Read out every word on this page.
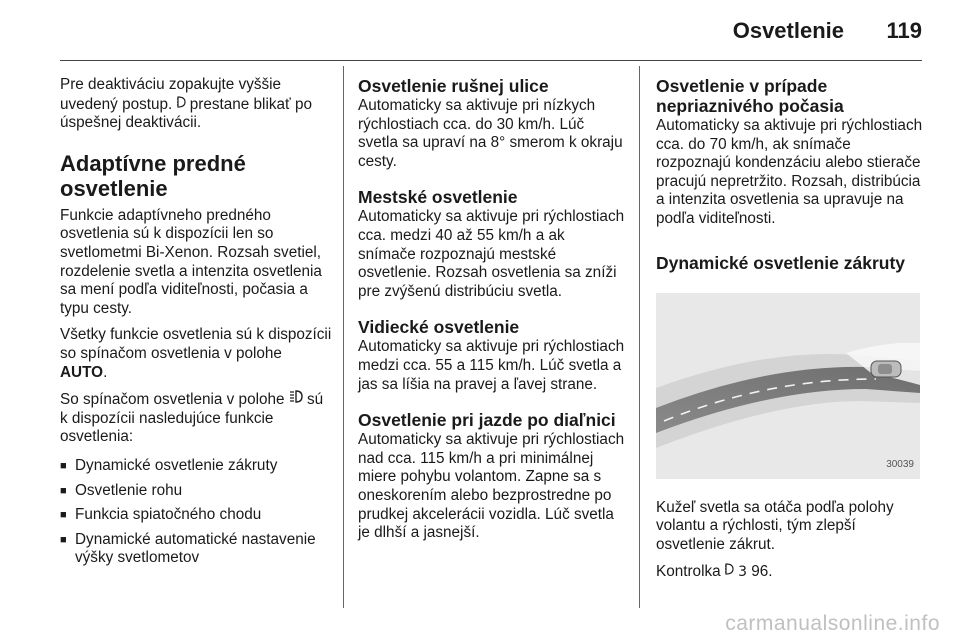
Osvetlenie 119

Pre deaktiváciu zopakujte vyššie uvedený postup.  prestane blikať po úspešnej deaktivácii.

Adaptívne predné osvetlenie

Funkcie adaptívneho predného osvetlenia sú k dispozícii len so svetlometmi Bi-Xenon. Rozsah svetiel, rozdelenie svetla a intenzita osvetlenia sa mení podľa viditeľnosti, počasia a typu cesty.

Všetky funkcie osvetlenia sú k dispozícii so spínačom osvetlenia v polohe AUTO.

So spínačom osvetlenia v polohe  sú k dispozícii nasledujúce funkcie osvetlenia:

■ Dynamické osvetlenie zákruty
■ Osvetlenie rohu
■ Funkcia spiatočného chodu
■ Dynamické automatické nastavenie výšky svetlometov
Osvetlenie rušnej ulice

Automaticky sa aktivuje pri nízkych rýchlostiach cca. do 30 km/h. Lúč svetla sa upraví na 8° smerom k okraju cesty.

Mestské osvetlenie

Automaticky sa aktivuje pri rýchlostiach cca. medzi 40 až 55 km/h a ak snímače rozpoznajú mestské osvetlenie. Rozsah osvetlenia sa zníži pre zvýšenú distribúciu svetla.

Vidiecké osvetlenie

Automaticky sa aktivuje pri rýchlostiach medzi cca. 55 a 115 km/h. Lúč svetla a jas sa líšia na pravej a ľavej strane.

Osvetlenie pri jazde po diaľnici

Automaticky sa aktivuje pri rýchlostiach nad cca. 115 km/h a pri minimálnej miere pohybu volantom. Zapne sa s oneskorením alebo bezprostredne po prudkej akcelerácii vozidla. Lúč svetla je dlhší a jasnejší.

Osvetlenie v prípade nepriaznivého počasia

Automaticky sa aktivuje pri rýchlostiach cca. do 70 km/h, ak snímače rozpoznajú kondenzáciu alebo stierače pracujú nepretržito. Rozsah, distribúcia a intenzita osvetlenia sa upravuje na podľa viditeľnosti.

Dynamické osvetlenie zákruty
30039

Kužeľ svetla sa otáča podľa polohy volantu a rýchlosti, tým zlepší osvetlenie zákrut.

Kontrolka  3 96.

carmanualsonline.info
